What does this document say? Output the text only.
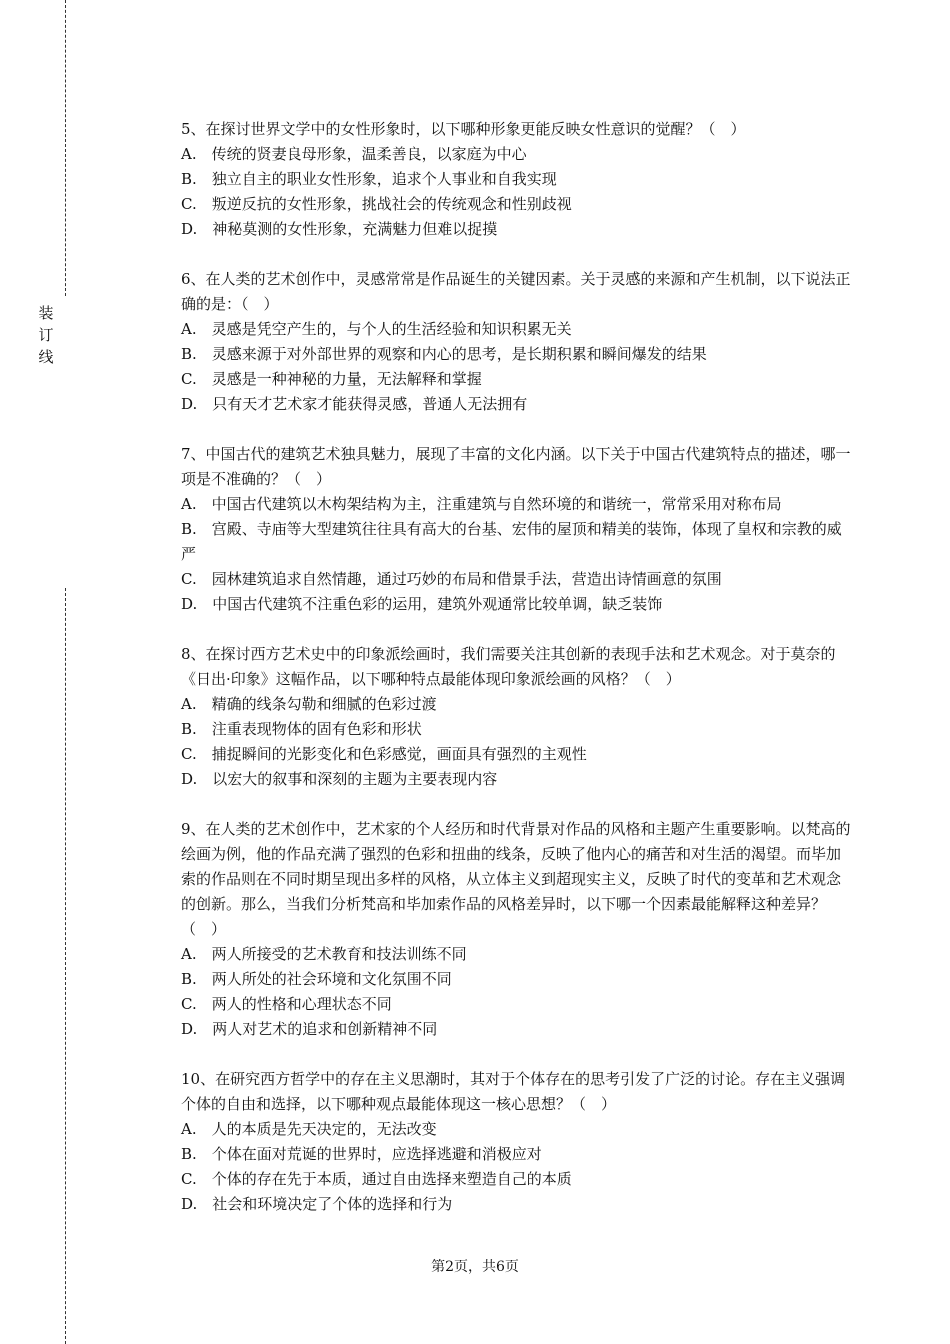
装
订
线

5、在探讨世界文学中的女性形象时，以下哪种形象更能反映女性意识的觉醒？（　）

A.　传统的贤妻良母形象，温柔善良，以家庭为中心

B.　独立自主的职业女性形象，追求个人事业和自我实现

C.　叛逆反抗的女性形象，挑战社会的传统观念和性别歧视

D.　神秘莫测的女性形象，充满魅力但难以捉摸

6、在人类的艺术创作中，灵感常常是作品诞生的关键因素。关于灵感的来源和产生机制，以下说法正确的是：（　）

A.　灵感是凭空产生的，与个人的生活经验和知识积累无关

B.　灵感来源于对外部世界的观察和内心的思考，是长期积累和瞬间爆发的结果

C.　灵感是一种神秘的力量，无法解释和掌握

D.　只有天才艺术家才能获得灵感，普通人无法拥有

7、中国古代的建筑艺术独具魅力，展现了丰富的文化内涵。以下关于中国古代建筑特点的描述，哪一项是不准确的？（　）

A.　中国古代建筑以木构架结构为主，注重建筑与自然环境的和谐统一，常常采用对称布局

B.　宫殿、寺庙等大型建筑往往具有高大的台基、宏伟的屋顶和精美的装饰，体现了皇权和宗教的威严

C.　园林建筑追求自然情趣，通过巧妙的布局和借景手法，营造出诗情画意的氛围

D.　中国古代建筑不注重色彩的运用，建筑外观通常比较单调，缺乏装饰

8、在探讨西方艺术史中的印象派绘画时，我们需要关注其创新的表现手法和艺术观念。对于莫奈的《日出·印象》这幅作品，以下哪种特点最能体现印象派绘画的风格？（　）

A.　精确的线条勾勒和细腻的色彩过渡

B.　注重表现物体的固有色彩和形状

C.　捕捉瞬间的光影变化和色彩感觉，画面具有强烈的主观性

D.　以宏大的叙事和深刻的主题为主要表现内容

9、在人类的艺术创作中，艺术家的个人经历和时代背景对作品的风格和主题产生重要影响。以梵高的绘画为例，他的作品充满了强烈的色彩和扭曲的线条，反映了他内心的痛苦和对生活的渴望。而毕加索的作品则在不同时期呈现出多样的风格，从立体主义到超现实主义，反映了时代的变革和艺术观念的创新。那么，当我们分析梵高和毕加索作品的风格差异时，以下哪一个因素最能解释这种差异？（　）

A.　两人所接受的艺术教育和技法训练不同

B.　两人所处的社会环境和文化氛围不同

C.　两人的性格和心理状态不同

D.　两人对艺术的追求和创新精神不同

10、在研究西方哲学中的存在主义思潮时，其对于个体存在的思考引发了广泛的讨论。存在主义强调个体的自由和选择，以下哪种观点最能体现这一核心思想？（　）

A.　人的本质是先天决定的，无法改变

B.　个体在面对荒诞的世界时，应选择逃避和消极应对

C.　个体的存在先于本质，通过自由选择来塑造自己的本质

D.　社会和环境决定了个体的选择和行为

第2页，共6页
